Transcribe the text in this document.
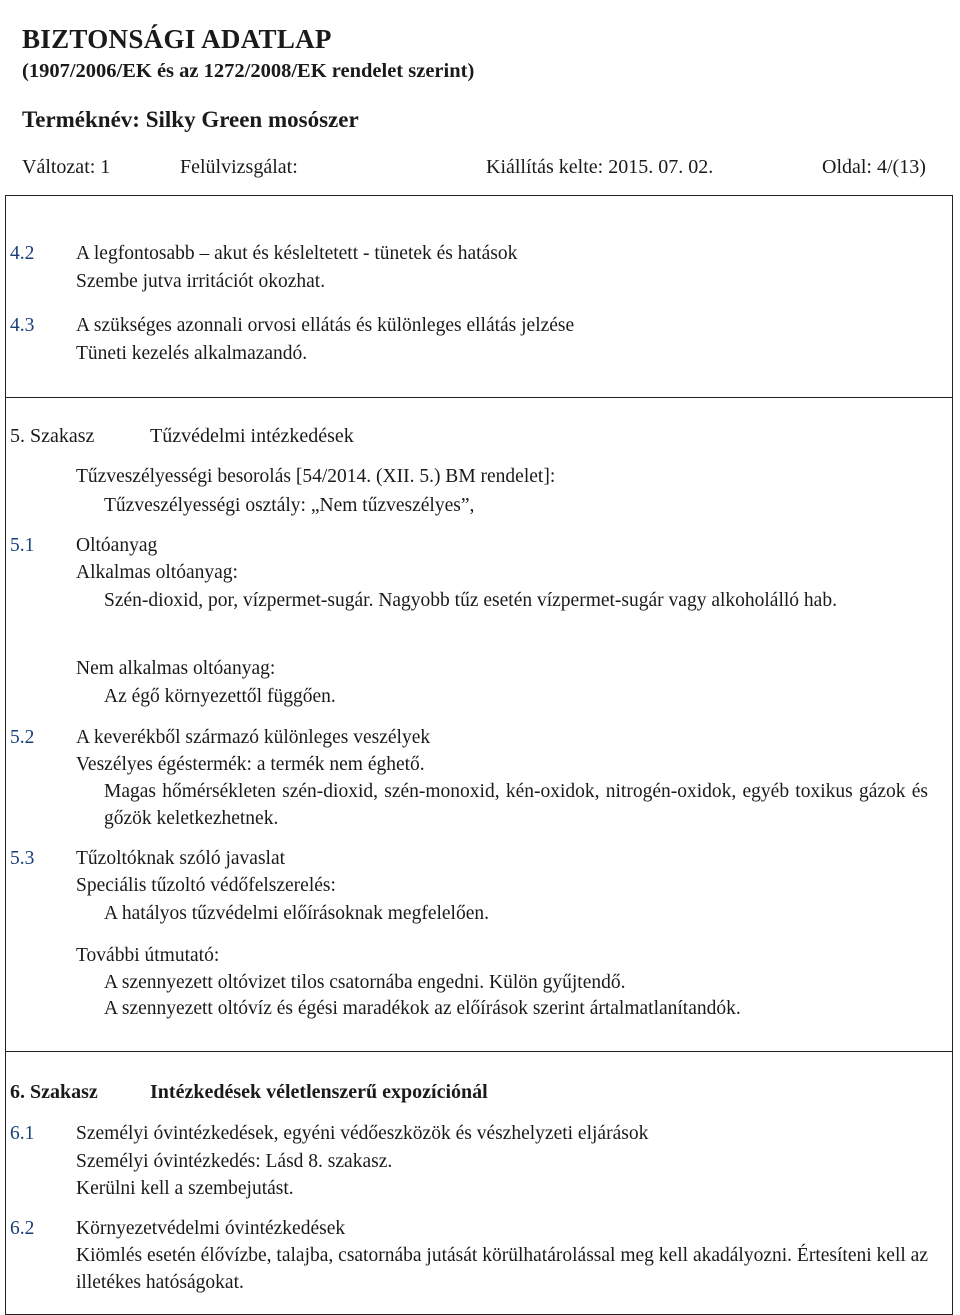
BIZTONSÁGI ADATLAP
(1907/2006/EK és az 1272/2008/EK rendelet szerint)
Terméknév: Silky Green mosószer
Változat: 1	Felülvizsgálat:	Kiállítás kelte: 2015. 07. 02.	Oldal: 4/(13)
4.2 A legfontosabb – akut és késleltetett - tünetek és hatások
Szembe jutva irritációt okozhat.
4.3 A szükséges azonnali orvosi ellátás és különleges ellátás jelzése
Tüneti kezelés alkalmazandó.
5. Szakasz	Tűzvédelmi intézkedések
Tűzveszélyességi besorolás [54/2014. (XII. 5.) BM rendelet]:
Tűzveszélyességi osztály: „Nem tűzveszélyes”,
5.1 Oltóanyag
Alkalmas oltóanyag:
Szén-dioxid, por, vízpermet-sugár. Nagyobb tűz esetén vízpermet-sugár vagy alkoholálló hab.
Nem alkalmas oltóanyag:
Az égő környezettől függően.
5.2 A keverékből származó különleges veszélyek
Veszélyes égéstermék: a termék nem éghető.
Magas hőmérsékleten szén-dioxid, szén-monoxid, kén-oxidok, nitrogén-oxidok, egyéb toxikus gázok és gőzök keletkezhetnek.
5.3 Tűzoltóknak szóló javaslat
Speciális tűzoltó védőfelszerelés:
A hatályos tűzvédelmi előírásoknak megfelelően.
További útmutató:
A szennyezett oltóvizet tilos csatornába engedni. Külön gyűjtendő.
A szennyezett oltóvíz és égési maradékok az előírások szerint ártalmatlanítandók.
6. Szakasz	Intézkedések véletlenszerű expozíciónál
6.1 Személyi óvintézkedések, egyéni védőeszközök és vészhelyzeti eljárások
Személyi óvintézkedés: Lásd 8. szakasz.
Kerülni kell a szembejutást.
6.2 Környezetvédelmi óvintézkedések
Kiömlés esetén élővízbe, talajba, csatornába jutását körülhatárolással meg kell akadályozni. Értesíteni kell az illetékes hatóságokat.
